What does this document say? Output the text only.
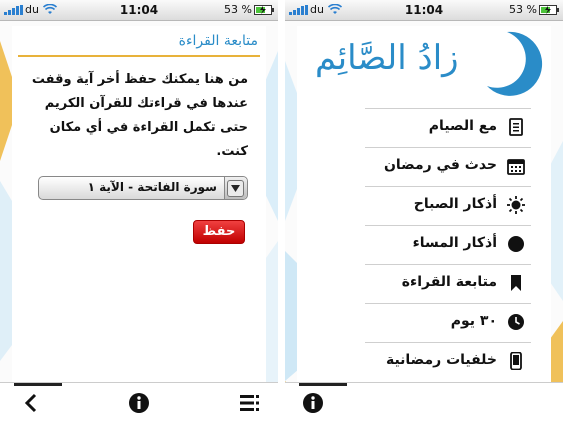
du	11:04	53 %
متابعة القراءة
من هنا يمكنك حفظ أخر آية وقفت عندها في قراءتك للقرآن الكريم حتى تكمل القراءة في أي مكان كنت.
سورة الفاتحة - الآية ١
حفظ
du	11:04	53 %
زادُ الصَّائِم
مع الصيام
حدث في رمضان
أذكار الصباح
أذكار المساء
متابعة القراءة
٣٠ يوم
خلفيات رمضانية
